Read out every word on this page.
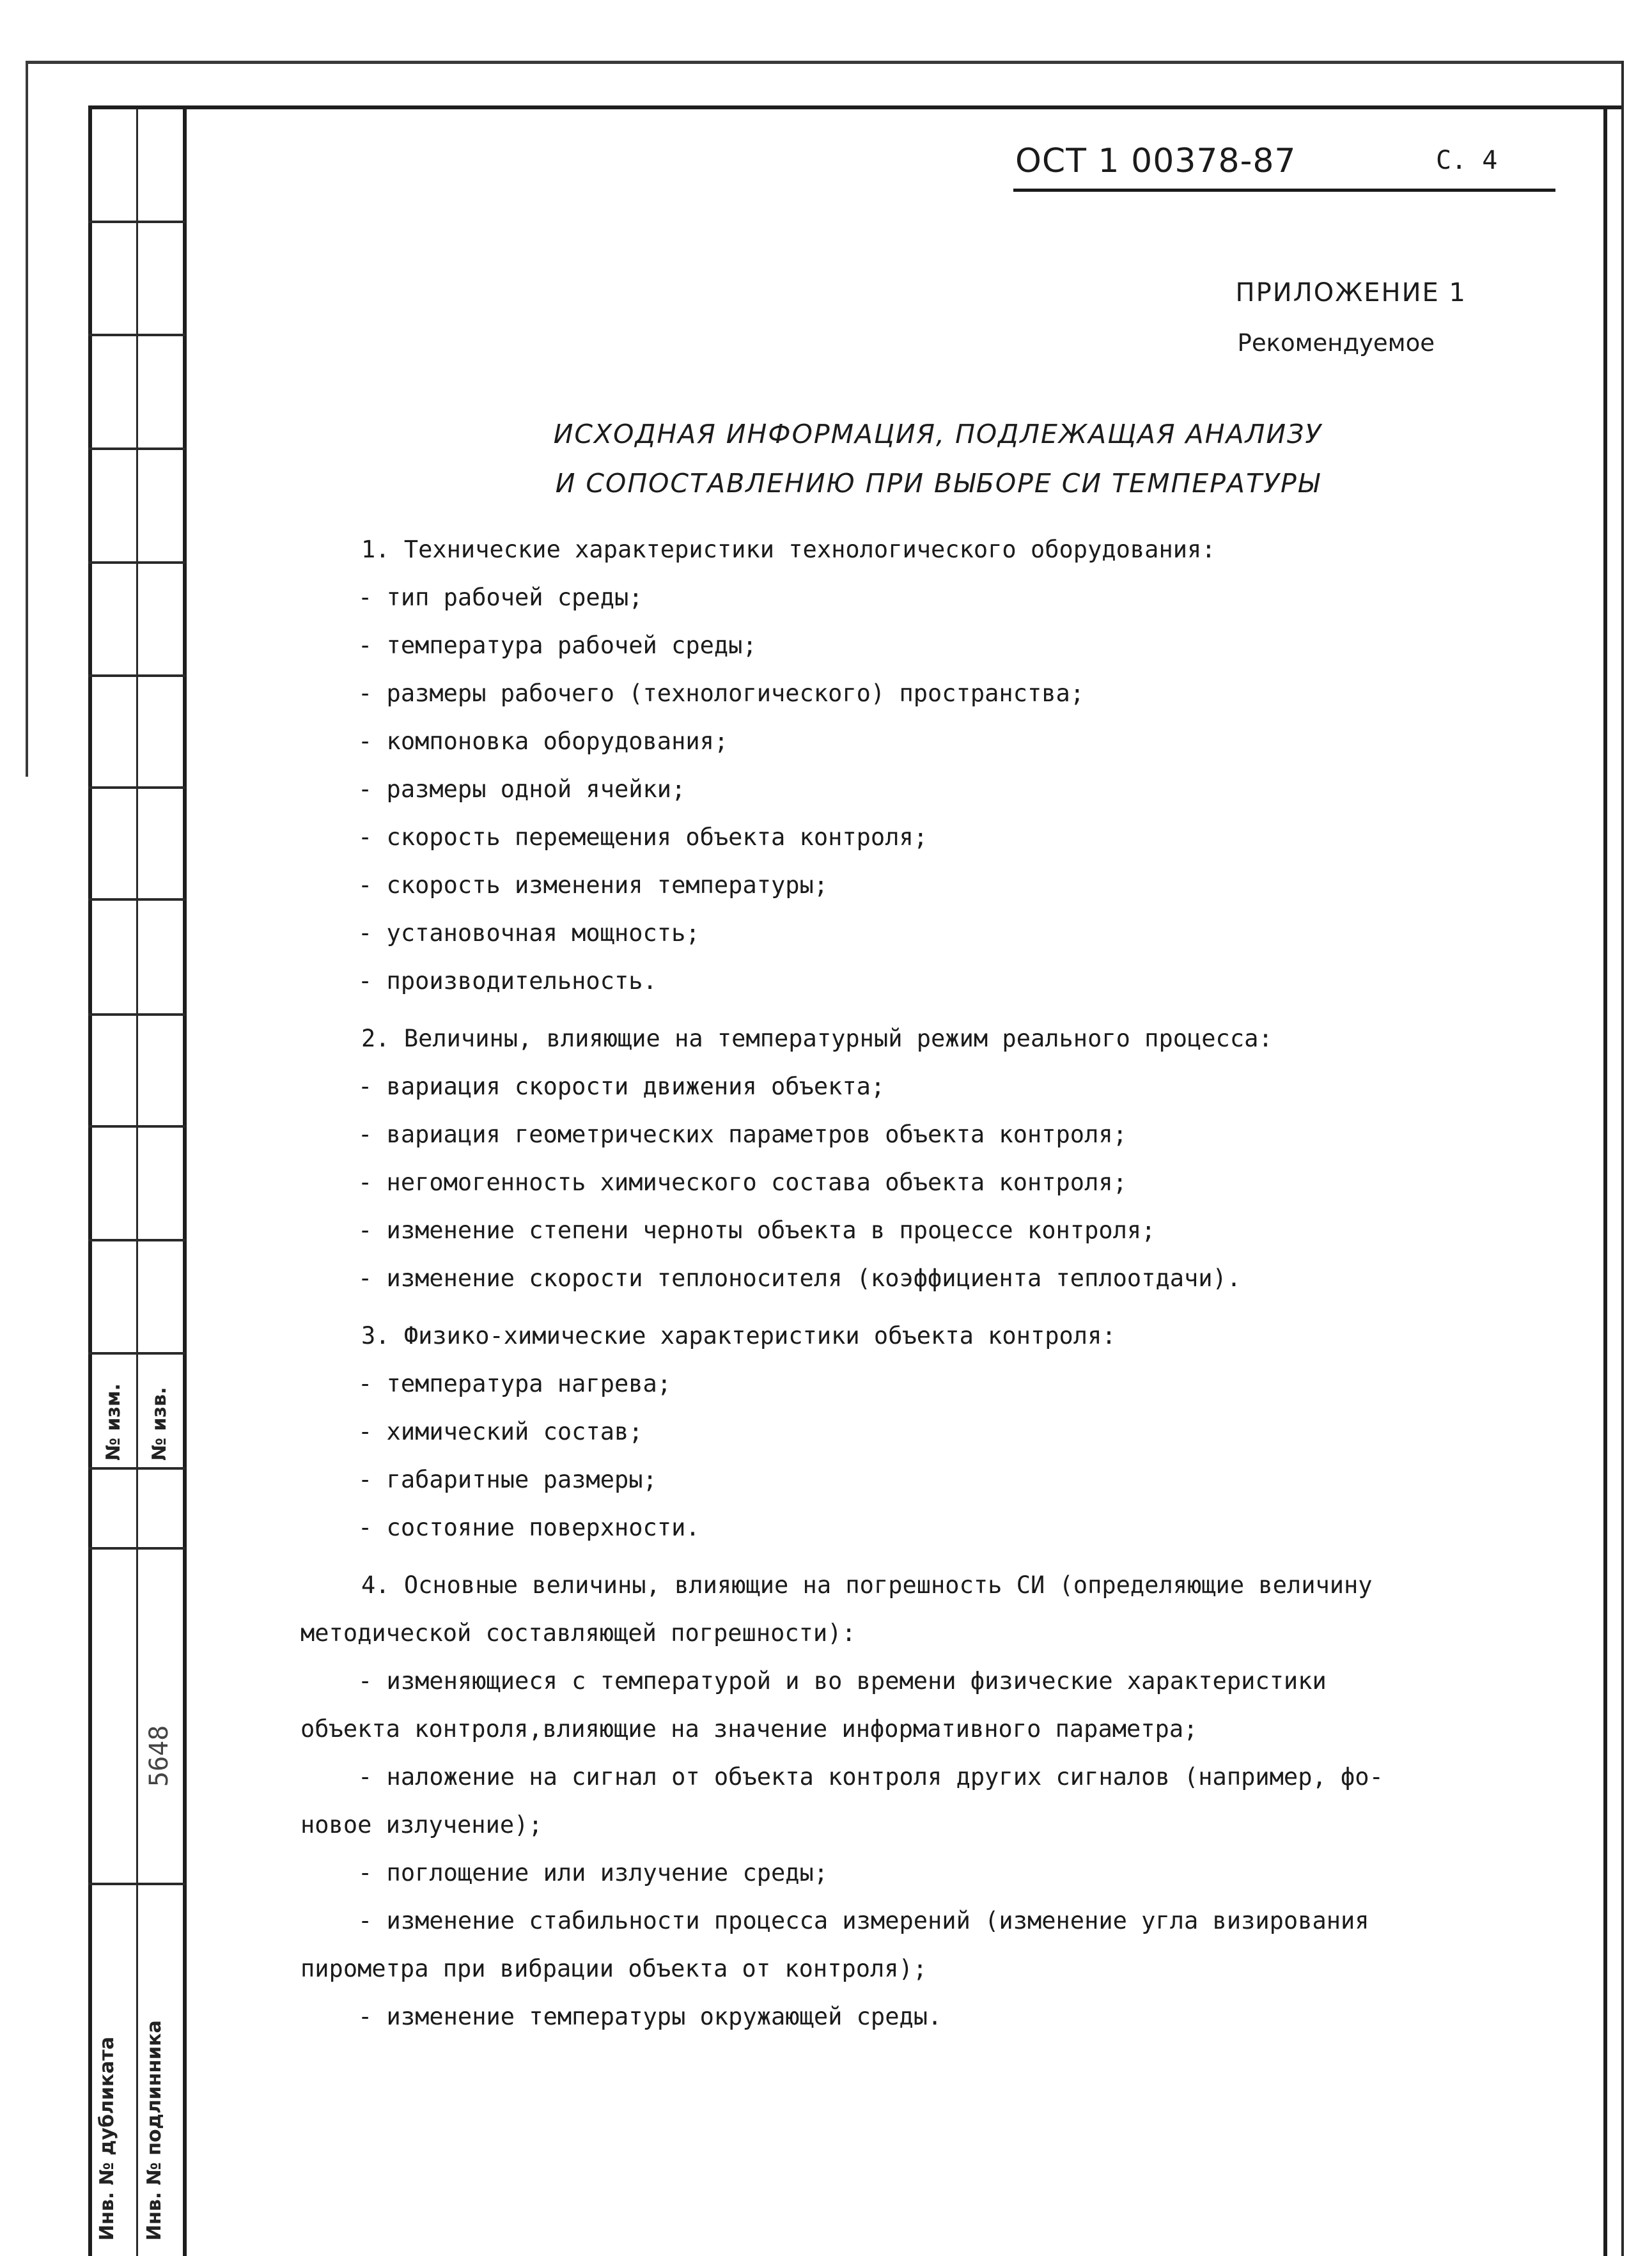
№ изм. № изв.
5648
Инв. № дубликата Инв. № подлинника
ОСТ 1 00378-87	С. 4
ПРИЛОЖЕНИЕ 1
Рекомендуемое
ИСХОДНАЯ ИНФОРМАЦИЯ, ПОДЛЕЖАЩАЯ АНАЛИЗУ
И СОПОСТАВЛЕНИЮ ПРИ ВЫБОРЕ СИ ТЕМПЕРАТУРЫ
1. Технические характеристики технологического оборудования:
- тип рабочей среды;
- температура рабочей среды;
- размеры рабочего (технологического) пространства;
- компоновка оборудования;
- размеры одной ячейки;
- скорость перемещения объекта контроля;
- скорость изменения температуры;
- установочная мощность;
- производительность.
2. Величины, влияющие на температурный режим реального процесса:
- вариация скорости движения объекта;
- вариация геометрических параметров объекта контроля;
- негомогенность химического состава объекта контроля;
- изменение степени черноты объекта в процессе контроля;
- изменение скорости теплоносителя (коэффициента теплоотдачи).
3. Физико-химические характеристики объекта контроля:
- температура нагрева;
- химический состав;
- габаритные размеры;
- состояние поверхности.
4. Основные величины, влияющие на погрешность СИ (определяющие величину
методической составляющей погрешности):
- изменяющиеся с температурой и во времени физические характеристики
объекта контроля,влияющие на значение информативного параметра;
- наложение на сигнал от объекта контроля других сигналов (например, фо-
новое излучение);
- поглощение или излучение среды;
- изменение стабильности процесса измерений (изменение угла визирования
пирометра при вибрации объекта от контроля);
- изменение температуры окружающей среды.
